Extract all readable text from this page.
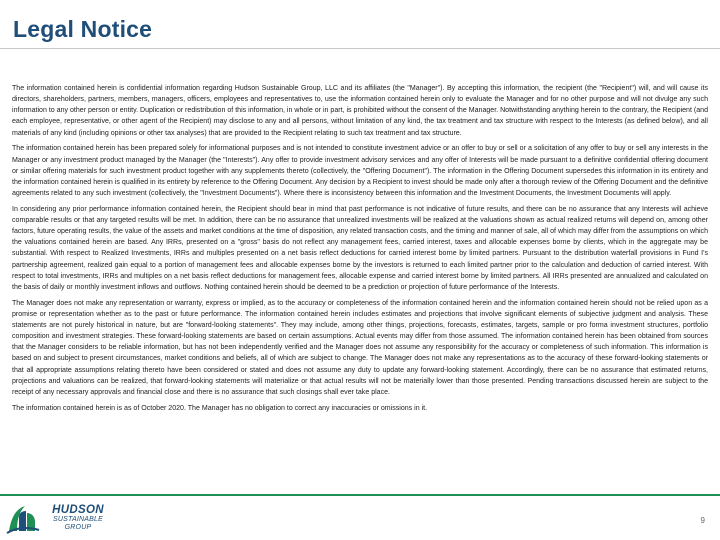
Legal Notice

The information contained herein is confidential information regarding Hudson Sustainable Group, LLC and its affiliates (the "Manager"). By accepting this information, the recipient (the "Recipient") will, and will cause its directors, shareholders, partners, members, managers, officers, employees and representatives to, use the information contained herein only to evaluate the Manager and for no other purpose and will not divulge any such information to any other person or entity. Duplication or redistribution of this information, in whole or in part, is prohibited without the consent of the Manager. Notwithstanding anything herein to the contrary, the Recipient (and each employee, representative, or other agent of the Recipient) may disclose to any and all persons, without limitation of any kind, the tax treatment and tax structure with respect to the Interests (as defined below), and all materials of any kind (including opinions or other tax analyses) that are provided to the Recipient relating to such tax treatment and tax structure.

The information contained herein has been prepared solely for informational purposes and is not intended to constitute investment advice or an offer to buy or sell or a solicitation of any offer to buy or sell any interests in the Manager or any investment product managed by the Manager (the "Interests"). Any offer to provide investment advisory services and any offer of Interests will be made pursuant to a definitive confidential offering document or similar offering materials for such investment product together with any supplements thereto (collectively, the "Offering Document"). The information in the Offering Document supersedes this information in its entirety and the information contained herein is qualified in its entirety by reference to the Offering Document. Any decision by a Recipient to invest should be made only after a thorough review of the Offering Document and the definitive agreements related to any such investment (collectively, the "Investment Documents"). Where there is inconsistency between this information and the Investment Documents, the Investment Documents will apply.

In considering any prior performance information contained herein, the Recipient should bear in mind that past performance is not indicative of future results, and there can be no assurance that any Interests will achieve comparable results or that any targeted results will be met. In addition, there can be no assurance that unrealized investments will be realized at the valuations shown as actual realized returns will depend on, among other factors, future operating results, the value of the assets and market conditions at the time of disposition, any related transaction costs, and the timing and manner of sale, all of which may differ from the assumptions on which the valuations contained herein are based. Any IRRs, presented on a "gross" basis do not reflect any management fees, carried interest, taxes and allocable expenses borne by clients, which in the aggregate may be substantial. With respect to Realized Investments, IRRs and multiples presented on a net basis reflect deductions for carried interest borne by limited partners. Pursuant to the distribution waterfall provisions in Fund I's partnership agreement, realized gain equal to a portion of management fees and allocable expenses borne by the investors is returned to each limited partner prior to the calculation and deduction of carried interest. With respect to total investments, IRRs and multiples on a net basis reflect deductions for management fees, allocable expense and carried interest borne by limited partners. All IRRs presented are annualized and calculated on the basis of daily or monthly investment inflows and outflows. Nothing contained herein should be deemed to be a prediction or projection of future performance of the Interests.

The Manager does not make any representation or warranty, express or implied, as to the accuracy or completeness of the information contained herein and the information contained herein should not be relied upon as a promise or representation whether as to the past or future performance. The information contained herein includes estimates and projections that involve significant elements of subjective judgment and analysis. These statements are not purely historical in nature, but are "forward-looking statements". They may include, among other things, projections, forecasts, estimates, targets, sample or pro forma investment structures, portfolio composition and investment strategies. These forward-looking statements are based on certain assumptions. Actual events may differ from those assumed. The information contained herein has been obtained from sources that the Manager considers to be reliable information, but has not been independently verified and the Manager does not assume any responsibility for the accuracy or completeness of such information. This information is based on and subject to present circumstances, market conditions and beliefs, all of which are subject to change. The Manager does not make any representations as to the accuracy of these forward-looking statements or that all appropriate assumptions relating thereto have been considered or stated and does not assume any duty to update any forward-looking statement. Accordingly, there can be no assurance that estimated returns, projections and valuations can be realized, that forward-looking statements will materialize or that actual results will not be materially lower than those presented. Pending transactions discussed herein are subject to the receipt of any necessary approvals and financial close and there is no assurance that such closings shall ever take place.

The information contained herein is as of October 2020. The Manager has no obligation to correct any inaccuracies or omissions in it.

HUDSON
SUSTAINABLE
GROUP
9
